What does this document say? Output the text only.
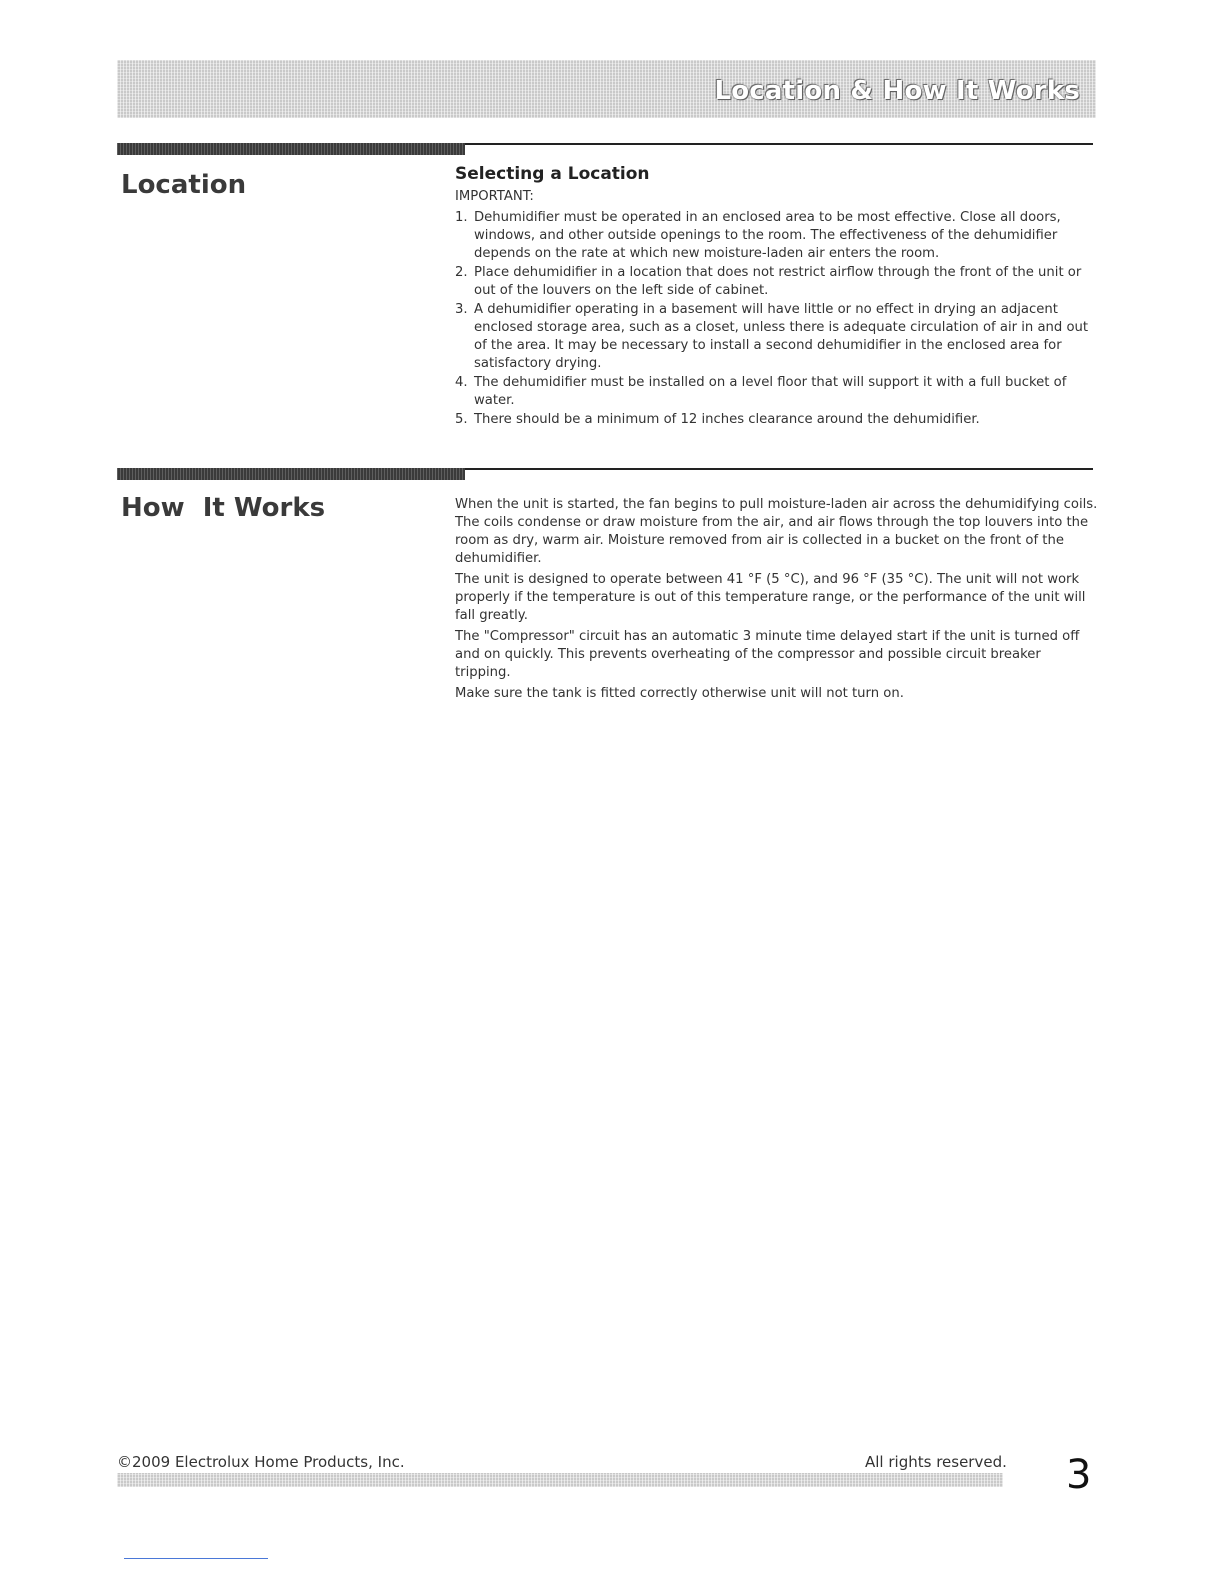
Location & How It Works
Location	Selecting a Location
IMPORTANT:
1. Dehumidifier must be operated in an enclosed area to be most effective. Close all doors, windows, and other outside openings to the room. The effectiveness of the dehumidifier depends on the rate at which new moisture-laden air enters the room.
2. Place dehumidifier in a location that does not restrict airflow through the front of the unit or out of the louvers on the left side of cabinet.
3. A dehumidifier operating in a basement will have little or no effect in drying an adjacent enclosed storage area, such as a closet, unless there is adequate circulation of air in and out of the area. It may be necessary to install a second dehumidifier in the enclosed area for satisfactory drying.
4. The dehumidifier must be installed on a level floor that will support it with a full bucket of water.
5. There should be a minimum of 12 inches clearance around the dehumidifier.
How  It Works	When the unit is started, the fan begins to pull moisture-laden air across the dehumidifying coils. The coils condense or draw moisture from the air, and air flows through the top louvers into the room as dry, warm air. Moisture removed from air is collected in a bucket on the front of the dehumidifier.

The unit is designed to operate between 41 °F (5 °C), and 96 °F (35 °C). The unit will not work properly if the temperature is out of this temperature range, or the performance of the unit will fall greatly.

The "Compressor" circuit has an automatic 3 minute time delayed start if the unit is turned off and on quickly. This prevents overheating of the compressor and possible circuit breaker tripping.

Make sure the tank is fitted correctly otherwise unit will not turn on.

©2009 Electrolux Home Products, Inc.	All rights reserved. 3
